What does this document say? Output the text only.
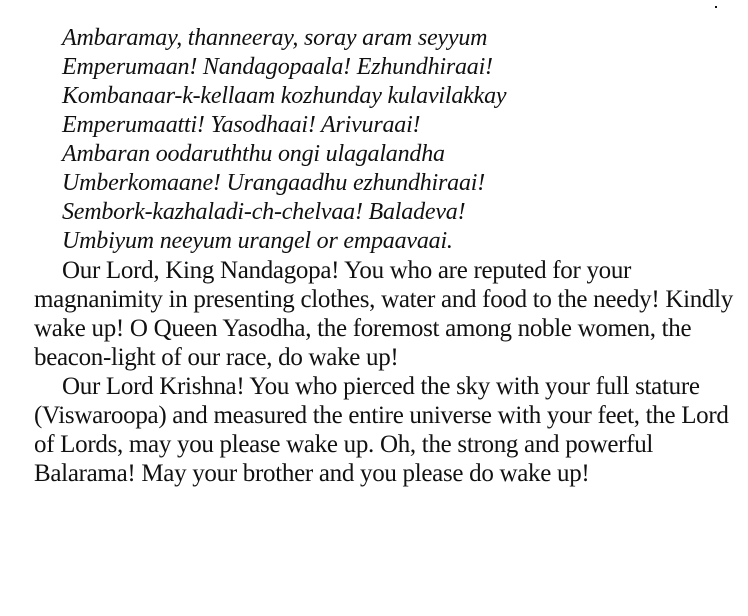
Ambaramay, thanneeray, soray aram seyyum
Emperumaan! Nandagopaala! Ezhundhiraai!
Kombanaar-k-kellaam kozhunday kulavilakkay
Emperumaatti! Yasodhaai! Arivuraai!
Ambaran oodaruththu ongi ulagalandha
Umberkomaane! Urangaadhu ezhundhiraai!
Sembork-kazhaladi-ch-chelvaa! Baladeva!
Umbiyum neeyum urangel or empaavaai.

Our Lord, King Nandagopa! You who are reputed for your magnanimity in presenting clothes, water and food to the needy! Kindly wake up! O Queen Yasodha, the foremost among noble women, the beacon-light of our race, do wake up!

Our Lord Krishna! You who pierced the sky with your full stature (Viswaroopa) and measured the entire universe with your feet, the Lord of Lords, may you please wake up. Oh, the strong and powerful Balarama! May your brother and you please do wake up!
